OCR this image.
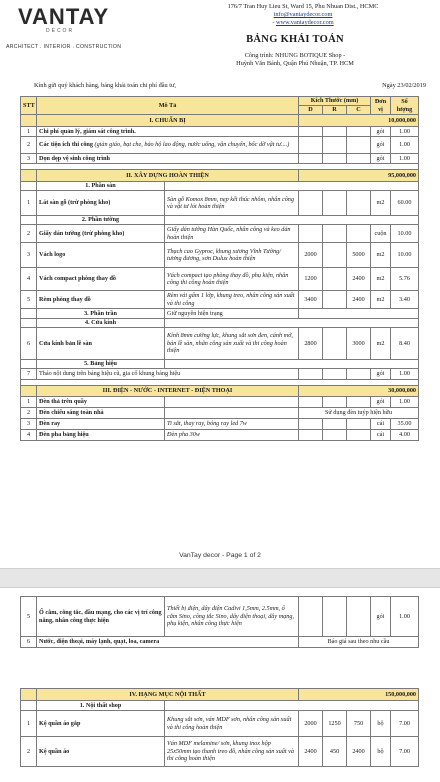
VANTAY
DECOR
ARCHITECT . INTERIOR . CONSTRUCTION
176/7 Tran Huy Lieu St, Ward 15, Phu Nhuan Dist., HCMC
info@vantaydecor.com
- www.vantaydecor.com
BẢNG KHÁI TOÁN
Công trình: NHUNG BOTIQUE Shop -
Huỳnh Văn Bánh, Quận Phú Nhuận, TP. HCM
Kính gửi quý khách hàng, bảng khái toán chi phí đầu tư,	Ngày 23/02/2019
STT	Mô Tả		Kích Thước (mm)			Đơn vị	Số lượng
			D	R	C		
	I. CHUẨN BỊ		10,000,000				
1	Chi phí quản lý, giám sát công trình.					gói	1.00
2	Các tiện ích thi công (giàn giáo, bạt che, bảo hộ lao động, nước uống, vận chuyển, bốc dỡ vật tư....)					gói	1.00
3	Dọn dẹp vệ sinh công trình					gói	1.00

	II. XÂY DỰNG HOÀN THIỆN		95,000,000				
	1. Phần sàn						
1	Lát sàn gỗ (trừ phòng kho)	Sàn gỗ Komox 8mm, nẹp kết thúc nhôm, nhân công và vật tư lót hoàn thiện				m2	60.00
	2. Phần tường						
2	Giấy dán tường (trừ phòng kho)	Giấy dán tường Hàn Quốc, nhân công và keo dán hoàn thiện				cuộn	10.00
3	Vách logo	Thạch cao Gyproc, khung xương Vĩnh Tường/ tương đương, sơn Dulux hoàn thiện	2000		5000	m2	10.00
4	Vách compact phòng thay đồ	Vách compact tạo phòng thay đồ, phụ kiện, nhân công thi công hoàn thiện	1200		2400	m2	5.76
5	Rèm phòng thay đồ	Rèm vải gấm 1 lớp, khung treo, nhân công sản xuất và thi công	3400		2400	m2	3.40
	3. Phần trần	Giữ nguyên hiện trạng					
	4. Cửa kính						
6	Cửa kính bản lề sàn	Kính 8mm cường lực, khung sắt sơn đen, cánh mở, bản lề sàn, nhân công sản xuất và thi công hoàn thiện	2800		3000	m2	8.40
	5. Bảng hiệu						
7	Tháo nội dung trên bảng hiệu cũ, gia cố khung bảng hiệu					gói	1.00

	III. ĐIỆN - NƯỚC - INTERNET - ĐIỆN THOẠI		30,000,000				
1	Đèn thả trên quầy					gói	1.00
2	Đèn chiếu sáng toàn nhà		Sử dụng đèn tuýp hiện hữu				
3	Đèn ray	Ti sắt, thay ray, bóng ray led 7w				cái	35.00
4	Đèn pha bảng hiệu	Đèn pha 30w				cái	4.00
VanTay decor - Page 1 of 2
5	Ổ cắm, công tắc, đầu mạng, cho các vị trí công năng, nhân công thực hiện	Thiết bị điện, dây điện Cadivi 1,5mm, 2.5mm, ổ cắm Sino, công tắc Sino, dây điện thoại, dây mạng, phụ kiện, nhân công thực hiện				gói	1.00
6	Nước, điện thoại, máy lạnh, quạt, loa, camera		Báo giá sau theo nhu cầu				
	IV. HẠNG MỤC NỘI THẤT		150,000,000				
	1. Nội thất shop						
1	Kệ quần áo gắp	Khung sắt sơn, ván MDF sơn, nhân công sản xuất và thi công hoàn thiện	2000	1250	750	bộ	7.00
2	Kệ quần áo	Ván MDF melamine/ sơn, khung inox hộp 25x50mm tạo thanh treo đồ, nhân công sản xuất và thi công hoàn thiện	2400	450	2400	bộ	7.00
